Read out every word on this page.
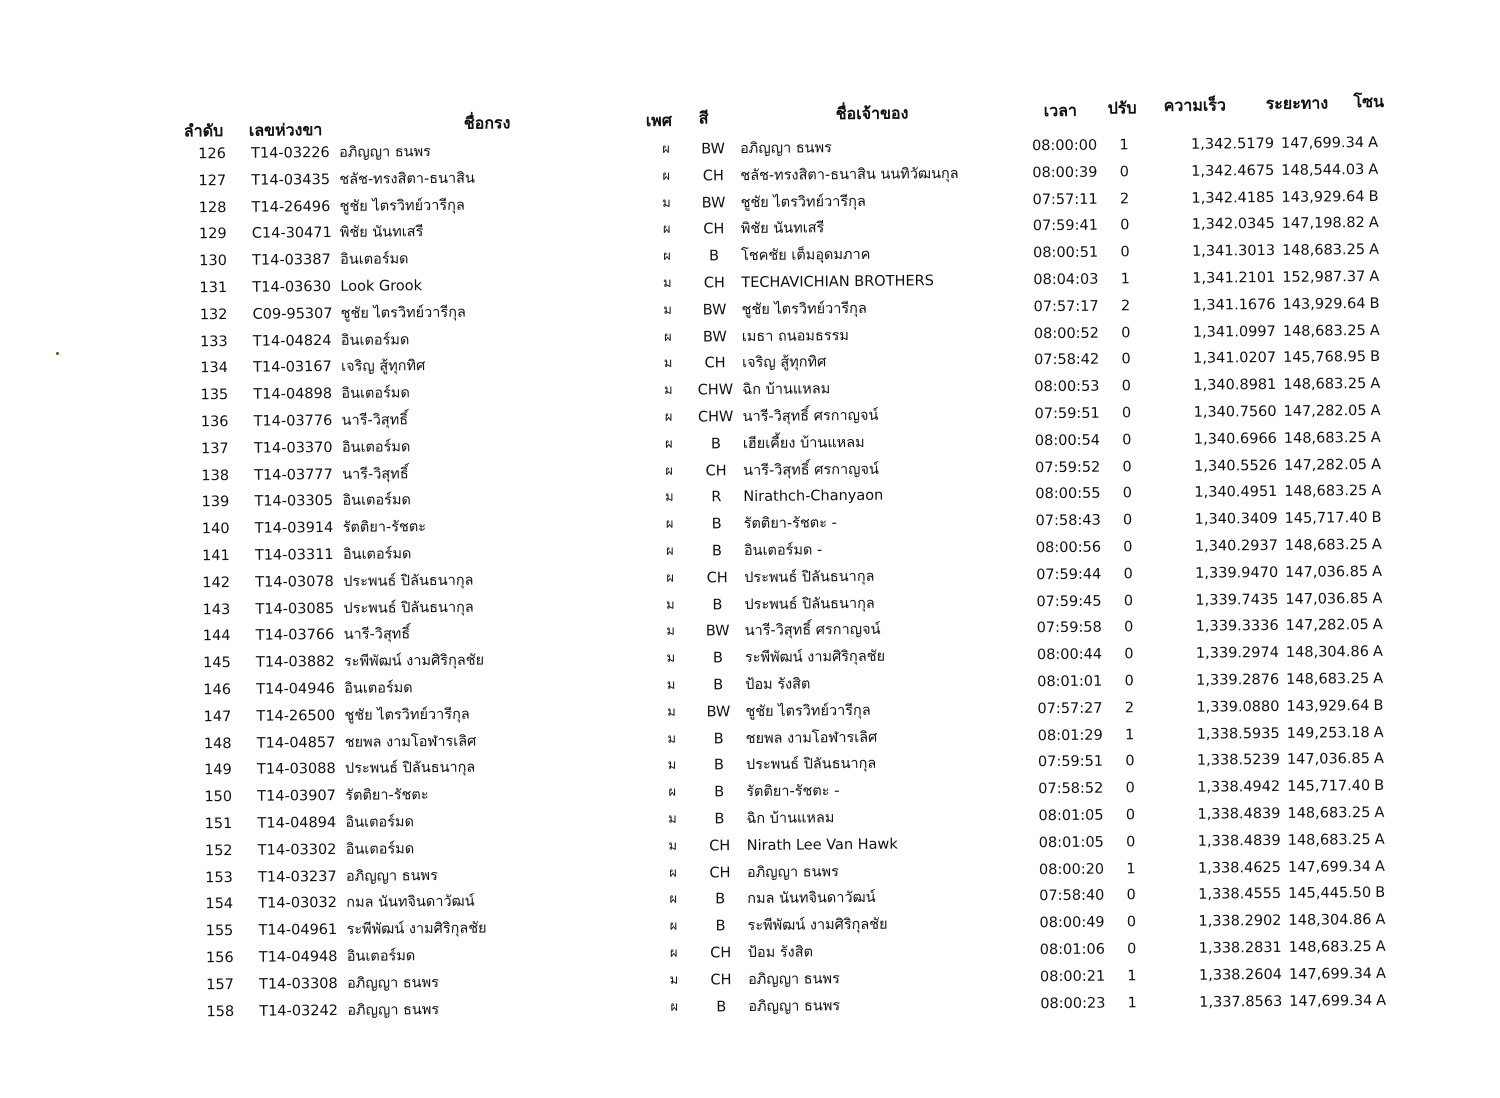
ลำดับ เลขห่วงขา	ชื่อกรง	เพศ สี	ชื่อเจ้าของ	เวลา ปรับ ความเร็ว ระยะทาง โซน
126	T14-03226 อภิญญา ธนพร	ผ	BW	อภิญญา ธนพร	08:00:00	1	1,342.5179 147,699.34 A
127	T14-03435 ชลัช-ทรงสิตา-ธนาสิน	ผ	CH	ชลัช-ทรงสิตา-ธนาสิน นนทิวัฒนกุล	08:00:39	0	1,342.4675 148,544.03 A
128	T14-26496 ชูชัย ไตรวิทย์วารีกุล	ม	BW	ชูชัย ไตรวิทย์วารีกุล	07:57:11	2	1,342.4185 143,929.64 B
129	C14-30471 พิชัย นันทเสรี	ผ	CH	พิชัย นันทเสรี	07:59:41	0	1,342.0345 147,198.82 A
130	T14-03387 อินเตอร์มด	ผ	B	โชคชัย เต็มอุดมภาค	08:00:51	0	1,341.3013 148,683.25 A
131	T14-03630 Look Grook	ม	CH	TECHAVICHIAN BROTHERS	08:04:03	1	1,341.2101 152,987.37 A
132	C09-95307 ชูชัย ไตรวิทย์วารีกุล	ม	BW	ชูชัย ไตรวิทย์วารีกุล	07:57:17	2	1,341.1676 143,929.64 B
133	T14-04824 อินเตอร์มด	ผ	BW	เมธา ถนอมธรรม	08:00:52	0	1,341.0997 148,683.25 A
134	T14-03167 เจริญ สู้ทุกทิศ	ม	CH	เจริญ สู้ทุกทิศ	07:58:42	0	1,341.0207 145,768.95 B
135	T14-04898 อินเตอร์มด	ม	CHW ฉิก บ้านแหลม	08:00:53	0	1,340.8981 148,683.25 A
136	T14-03776 นารี-วิสุทธิ์	ผ	CHW นารี-วิสุทธิ์ ศรกาญจน์	07:59:51	0	1,340.7560 147,282.05 A
137	T14-03370 อินเตอร์มด	ผ	B	เฮียเคี้ยง บ้านแหลม	08:00:54	0	1,340.6966 148,683.25 A
138	T14-03777 นารี-วิสุทธิ์	ผ	CH	นารี-วิสุทธิ์ ศรกาญจน์	07:59:52	0	1,340.5526 147,282.05 A
139	T14-03305 อินเตอร์มด	ม	R	Nirathch-Chanyaon	08:00:55	0	1,340.4951 148,683.25 A
140	T14-03914 รัตติยา-รัชตะ	ผ	B	รัตติยา-รัชตะ -	07:58:43	0	1,340.3409 145,717.40 B
141	T14-03311 อินเตอร์มด	ผ	B	อินเตอร์มด -	08:00:56	0	1,340.2937 148,683.25 A
142	T14-03078 ประพนธ์ ปิลันธนากุล	ผ	CH	ประพนธ์ ปิลันธนากุล	07:59:44	0	1,339.9470 147,036.85 A
143	T14-03085 ประพนธ์ ปิลันธนากุล	ม	B	ประพนธ์ ปิลันธนากุล	07:59:45	0	1,339.7435 147,036.85 A
144	T14-03766 นารี-วิสุทธิ์	ม	BW	นารี-วิสุทธิ์ ศรกาญจน์	07:59:58	0	1,339.3336 147,282.05 A
145	T14-03882 ระพีพัฒน์ งามศิริกุลชัย	ม	B	ระพีพัฒน์ งามศิริกุลชัย	08:00:44	0	1,339.2974 148,304.86 A
146	T14-04946 อินเตอร์มด	ม	B	ป้อม รังสิต	08:01:01	0	1,339.2876 148,683.25 A
147	T14-26500 ชูชัย ไตรวิทย์วารีกุล	ม	BW	ชูชัย ไตรวิทย์วารีกุล	07:57:27	2	1,339.0880 143,929.64 B
148	T14-04857 ชยพล งามโอฬารเลิศ	ม	B	ชยพล งามโอฬารเลิศ	08:01:29	1	1,338.5935 149,253.18 A
149	T14-03088 ประพนธ์ ปิลันธนากุล	ม	B	ประพนธ์ ปิลันธนากุล	07:59:51	0	1,338.5239 147,036.85 A
150	T14-03907 รัตติยา-รัชตะ	ผ	B	รัตติยา-รัชตะ -	07:58:52	0	1,338.4942 145,717.40 B
151	T14-04894 อินเตอร์มด	ม	B	ฉิก บ้านแหลม	08:01:05	0	1,338.4839 148,683.25 A
152	T14-03302 อินเตอร์มด	ม	CH	Nirath Lee Van Hawk	08:01:05	0	1,338.4839 148,683.25 A
153	T14-03237 อภิญญา ธนพร	ผ	CH	อภิญญา ธนพร	08:00:20	1	1,338.4625 147,699.34 A
154	T14-03032 กมล นันทจินดาวัฒน์	ผ	B	กมล นันทจินดาวัฒน์	07:58:40	0	1,338.4555 145,445.50 B
155	T14-04961 ระพีพัฒน์ งามศิริกุลชัย	ผ	B	ระพีพัฒน์ งามศิริกุลชัย	08:00:49	0	1,338.2902 148,304.86 A
156	T14-04948 อินเตอร์มด	ผ	CH	ป้อม รังสิต	08:01:06	0	1,338.2831 148,683.25 A
157	T14-03308 อภิญญา ธนพร	ม	CH	อภิญญา ธนพร	08:00:21	1	1,338.2604 147,699.34 A
158	T14-03242 อภิญญา ธนพร	ผ	B	อภิญญา ธนพร	08:00:23	1	1,337.8563 147,699.34 A
